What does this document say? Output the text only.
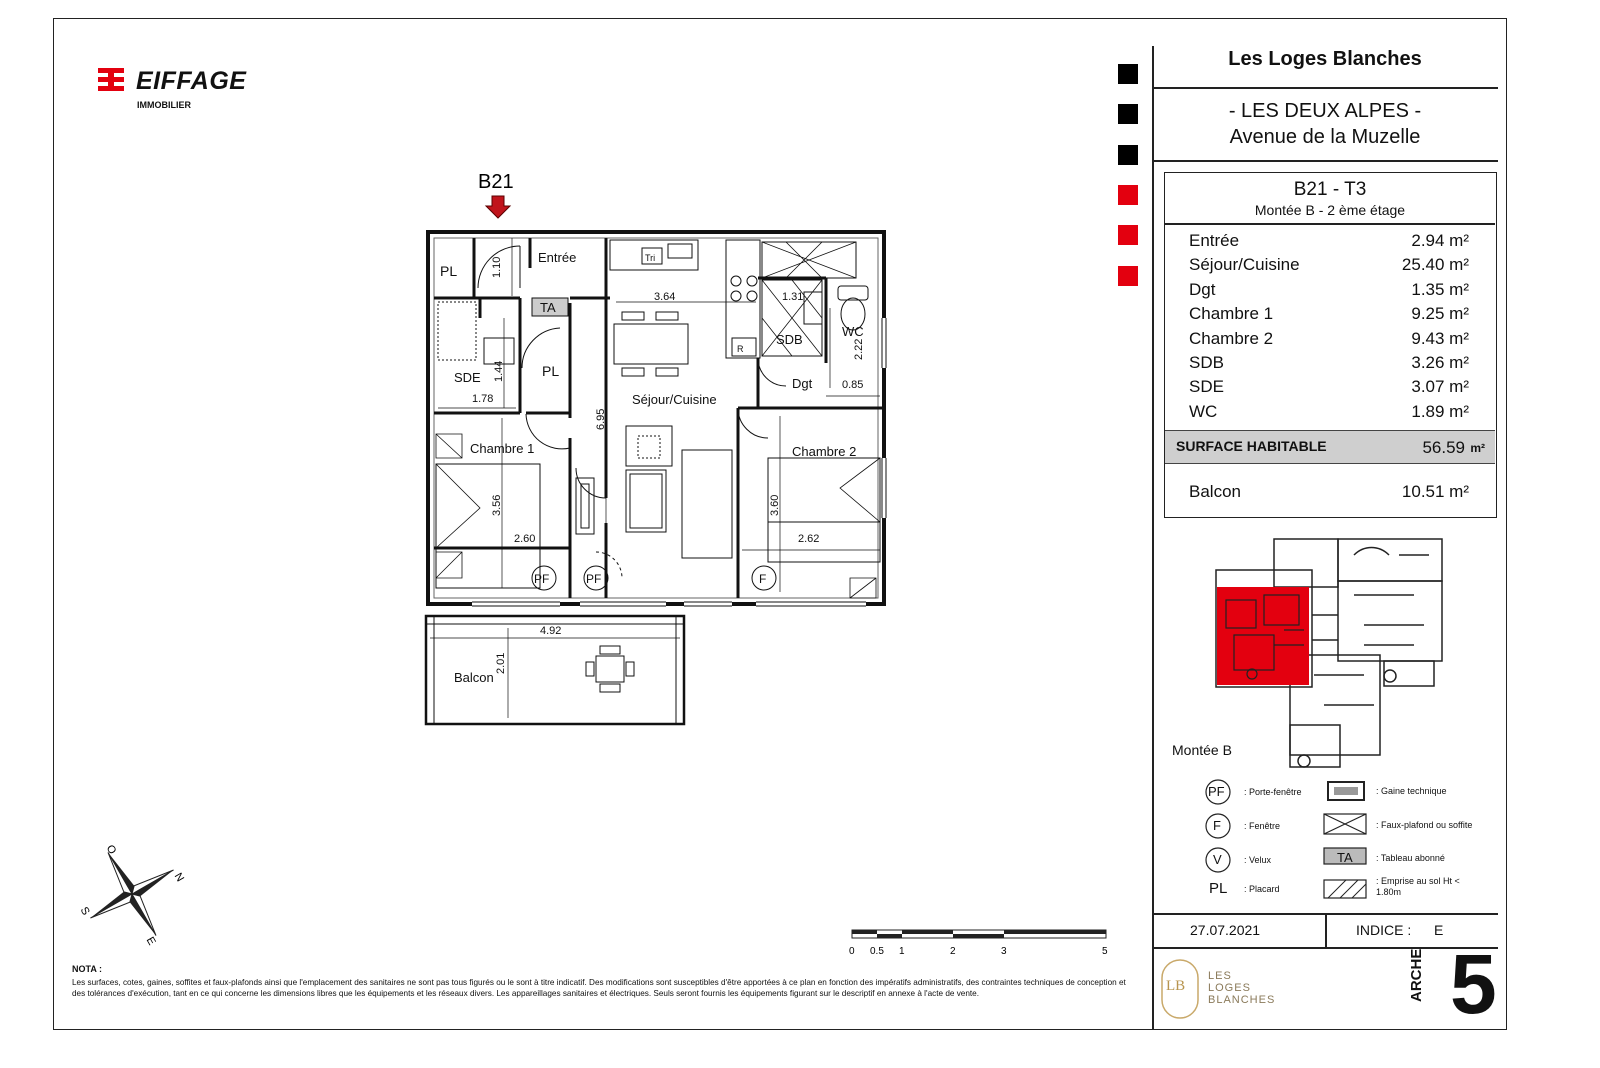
EIFFAGE
IMMOBILIER
Les Loges Blanches
- LES DEUX ALPES -
Avenue de la Muzelle
B21 - T3
Montée B - 2 ème étage
Entrée	2.94 m²
Séjour/Cuisine	25.40 m²
Dgt	1.35 m²
Chambre 1	9.25 m²
Chambre 2	9.43 m²
SDB	3.26 m²
SDE	3.07 m²
WC	1.89 m²
SURFACE HABITABLE	56.59 m²
Balcon	10.51 m²
Montée B
PF : Porte-fenêtre
F	: Fenêtre
V : Velux
PL : Placard
: Gaine technique
: Faux-plafond ou soffite
TA	: Tableau abonné
: Emprise au sol Ht < 1.80m
27.07.2021	INDICE : E
LB
LES
LOGES
BLANCHES	ARCHE 5
B21
PL
Entrée
TA
SDE	PL
Séjour/Cuisine
SDB
WC
Dgt
Chambre 1	Chambre 2
Balcon
PF	PF	F
Tri
R
1.10
3.64	1.31
2.22
0.85
1.44
1.78
6.95
3.56
2.60
3.60
2.62
4.92
2.01
O
N
S
E
0 0.5 1	2	3	5
NOTA :
Les surfaces, cotes, gaines, soffites et faux-plafonds ainsi que l'emplacement des sanitaires ne sont pas tous figurés ou le sont à titre indicatif. Des modifications sont susceptibles d'être apportées à ce plan en fonction des impératifs administratifs, des contraintes techniques de conception et des tolérances d'exécution, tant en ce qui concerne les dimensions libres que les équipements et les réseaux divers. Les appareillages sanitaires et électriques. Seuls seront fournis les équipements figurant sur le descriptif en annexe à l'acte de vente.
